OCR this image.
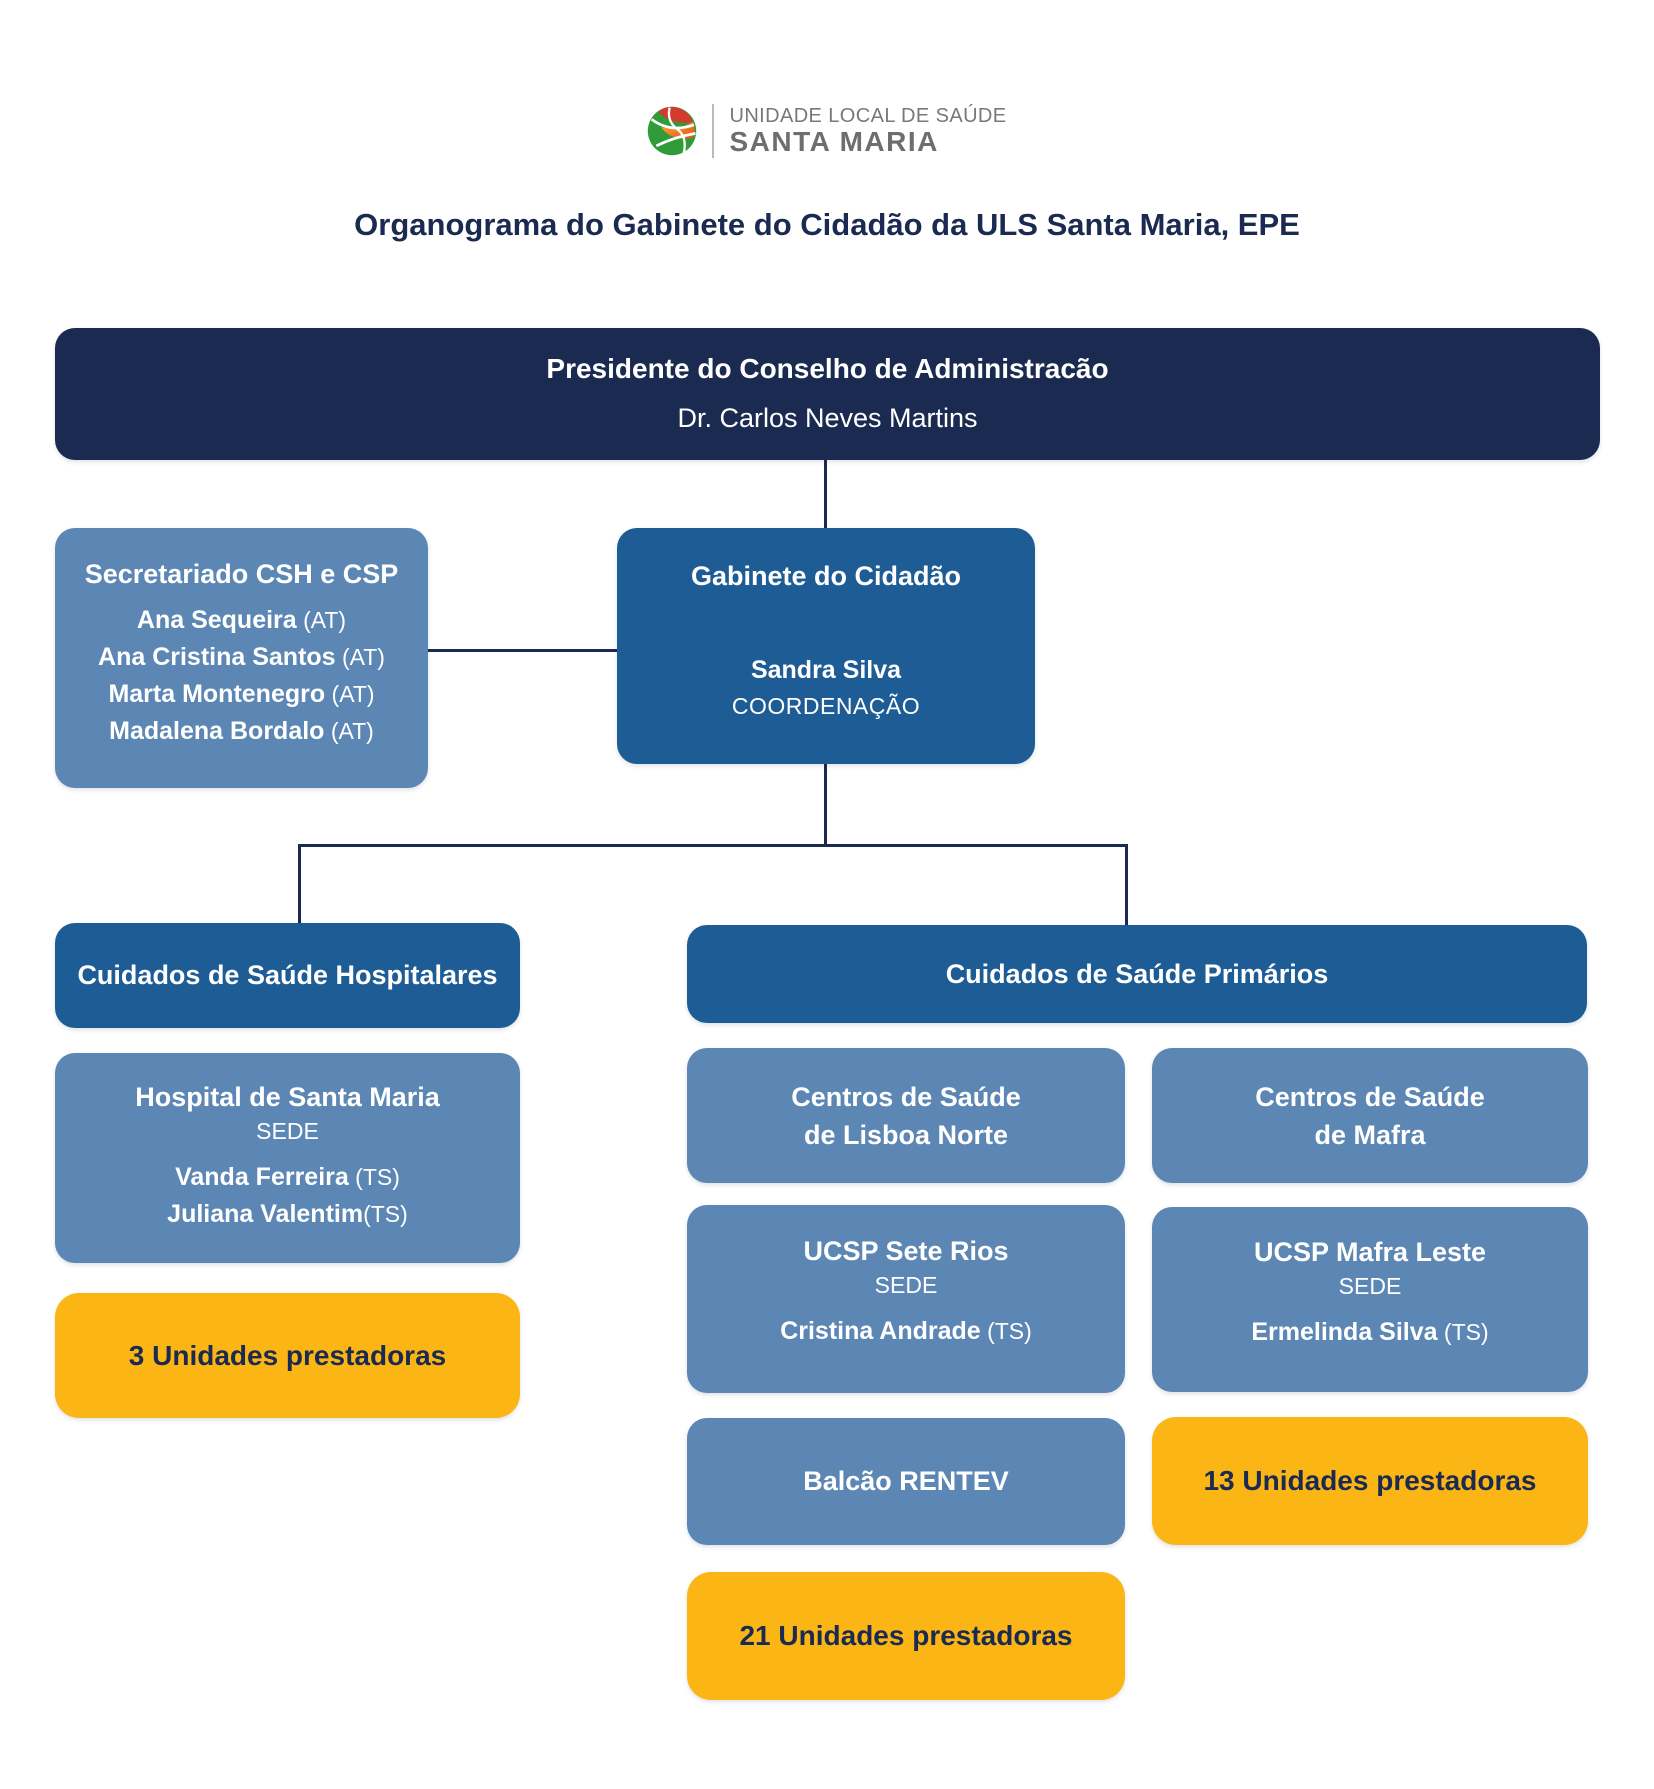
UNIDADE LOCAL DE SAÚDE
SANTA MARIA
Organograma do Gabinete do Cidadão da ULS Santa Maria, EPE
Presidente do Conselho de Administracão
Dr. Carlos Neves Martins
Secretariado CSH e CSP
Ana Sequeira (AT)
Ana Cristina Santos (AT)
Marta Montenegro (AT)
Madalena Bordalo (AT)
Gabinete do Cidadão
Sandra Silva
COORDENAÇÃO
Cuidados de Saúde Hospitalares	Cuidados de Saúde Primários
Hospital de Santa Maria
SEDE
Vanda Ferreira (TS)
Juliana Valentim(TS)
3 Unidades prestadoras
Centros de Saúde
de Lisboa Norte
Centros de Saúde
de Mafra
UCSP Sete Rios
SEDE
Cristina Andrade (TS)
UCSP Mafra Leste
SEDE
Ermelinda Silva (TS)
Balcão RENTEV	13 Unidades prestadoras
21 Unidades prestadoras
